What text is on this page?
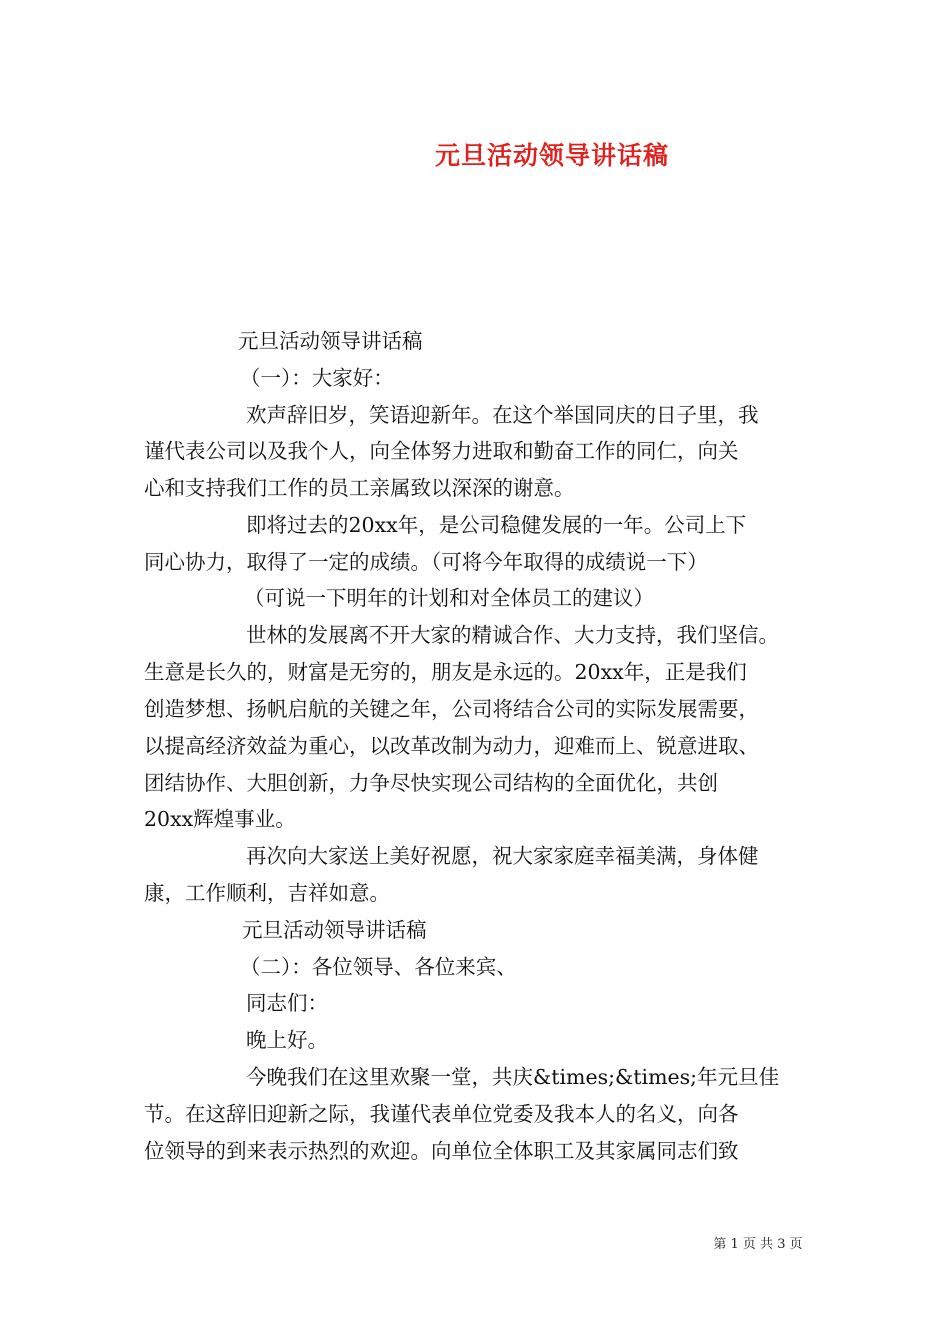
元旦活动领导讲话稿
元旦活动领导讲话稿
（一）：大家好：
欢声辞旧岁，笑语迎新年。在这个举国同庆的日子里，我
谨代表公司以及我个人，向全体努力进取和勤奋工作的同仁，向关
心和支持我们工作的员工亲属致以深深的谢意。
即将过去的20xx年，是公司稳健发展的一年。公司上下
同心协力，取得了一定的成绩。（可将今年取得的成绩说一下）
（可说一下明年的计划和对全体员工的建议）
世林的发展离不开大家的精诚合作、大力支持，我们坚信。
生意是长久的，财富是无穷的，朋友是永远的。20xx年，正是我们
创造梦想、扬帆启航的关键之年，公司将结合公司的实际发展需要，
以提高经济效益为重心，以改革改制为动力，迎难而上、锐意进取、
团结协作、大胆创新，力争尽快实现公司结构的全面优化，共创
20xx辉煌事业。
再次向大家送上美好祝愿，祝大家家庭幸福美满，身体健
康，工作顺利，吉祥如意。
元旦活动领导讲话稿
（二）：各位领导、各位来宾、
同志们：
晚上好。
今晚我们在这里欢聚一堂，共庆&times;&times;年元旦佳
节。在这辞旧迎新之际，我谨代表单位党委及我本人的名义，向各
位领导的到来表示热烈的欢迎。向单位全体职工及其家属同志们致
第 1 页 共 3 页
